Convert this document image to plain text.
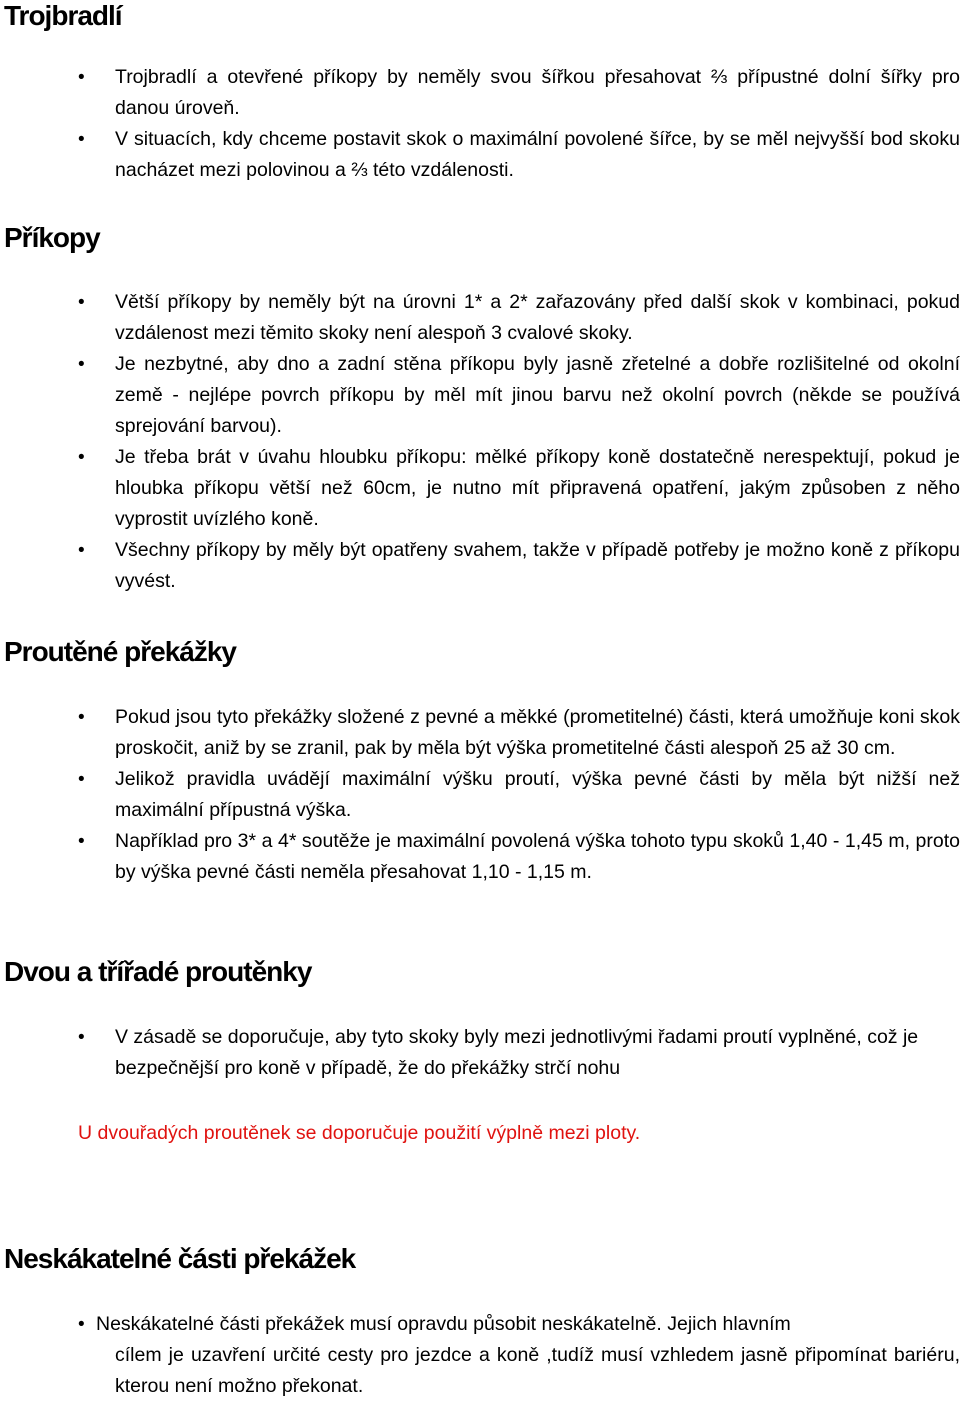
Trojbradlí
• Trojbradlí a otevřené příkopy by neměly svou šířkou přesahovat ⅔ přípustné dolní šířky pro danou úroveň.
• V situacích, kdy chceme postavit skok o maximální povolené šířce, by se měl nejvyšší bod skoku nacházet mezi polovinou a ⅔ této vzdálenosti.
Příkopy
• Větší příkopy by neměly být na úrovni 1* a 2* zařazovány před další skok v kombinaci, pokud vzdálenost mezi těmito skoky není alespoň 3 cvalové skoky.
• Je nezbytné, aby dno a zadní stěna příkopu byly jasně zřetelné a dobře rozlišitelné od okolní země - nejlépe povrch příkopu by měl mít jinou barvu než okolní povrch (někde se používá sprejování barvou).
• Je třeba brát v úvahu hloubku příkopu: mělké příkopy koně dostatečně nerespektují, pokud je hloubka příkopu větší než 60cm, je nutno mít připravená opatření, jakým způsoben z něho vyprostit uvízlého koně.
• Všechny příkopy by měly být opatřeny svahem, takže v případě potřeby je možno koně z příkopu vyvést.
Proutěné překážky
• Pokud jsou tyto překážky složené z pevné a měkké (prometitelné) části, která umožňuje koni skok proskočit, aniž by se zranil, pak by měla být výška prometitelné části alespoň 25 až 30 cm.
• Jelikož pravidla uvádějí maximální výšku proutí, výška pevné části by měla být nižší než maximální přípustná výška.
• Například pro 3* a 4* soutěže je maximální povolená výška tohoto typu skoků 1,40 - 1,45 m, proto by výška pevné části neměla přesahovat 1,10 - 1,15 m.
Dvou a třířadé proutěnky
• V zásadě se doporučuje, aby tyto skoky byly mezi jednotlivými řadami proutí vyplněné, což je bezpečnější pro koně v případě, že do překážky strčí nohu

U dvouřadých proutěnek se doporučuje použití výplně mezi ploty.

Neskákatelné části překážek
• Neskákatelné části překážek musí opravdu působit neskákatelně. Jejich hlavním
cílem je uzavření určité cesty pro jezdce a koně ,tudíž musí vzhledem jasně připomínat bariéru, kterou není možno překonat.
